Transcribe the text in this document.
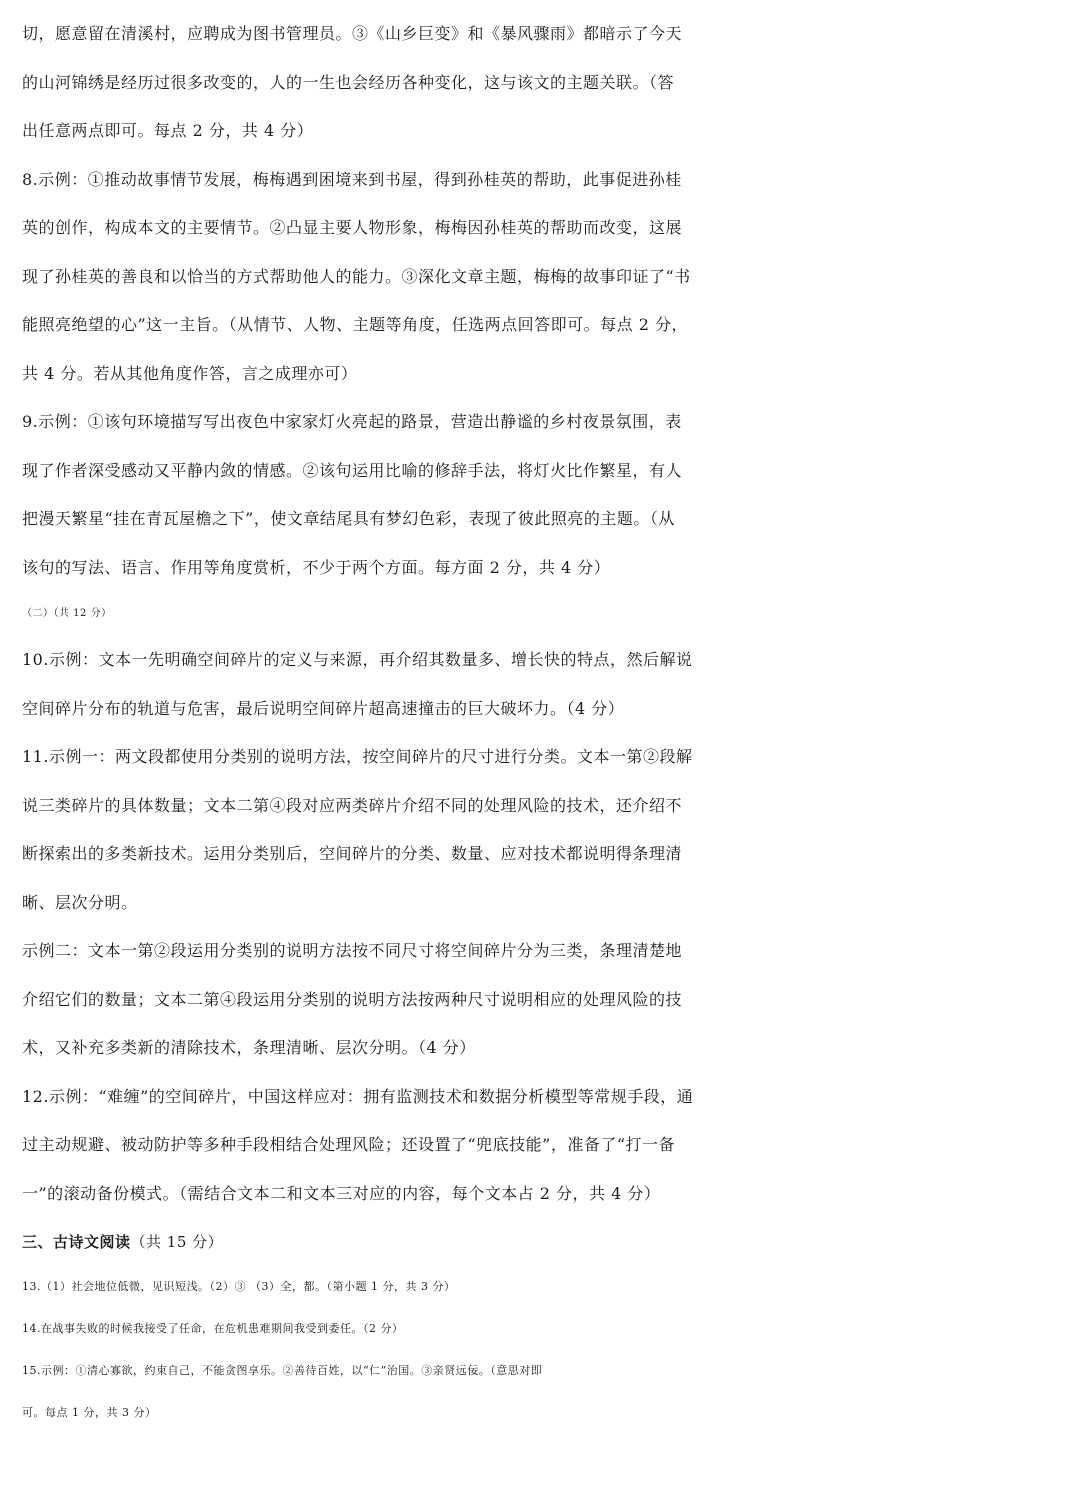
切，愿意留在清溪村，应聘成为图书管理员。③《山乡巨变》和《暴风骤雨》都暗示了今天
的山河锦绣是经历过很多改变的，人的一生也会经历各种变化，这与该文的主题关联。（答
出任意两点即可。每点 2 分，共 4 分）
8.示例：①推动故事情节发展，梅梅遇到困境来到书屋，得到孙桂英的帮助，此事促进孙桂
英的创作，构成本文的主要情节。②凸显主要人物形象，梅梅因孙桂英的帮助而改变，这展
现了孙桂英的善良和以恰当的方式帮助他人的能力。③深化文章主题，梅梅的故事印证了“书
能照亮绝望的心”这一主旨。（从情节、人物、主题等角度，任选两点回答即可。每点 2 分，
共 4 分。若从其他角度作答，言之成理亦可）
9.示例：①该句环境描写写出夜色中家家灯火亮起的路景，营造出静谧的乡村夜景氛围，表
现了作者深受感动又平静内敛的情感。②该句运用比喻的修辞手法，将灯火比作繁星，有人
把漫天繁星“挂在青瓦屋檐之下”，使文章结尾具有梦幻色彩，表现了彼此照亮的主题。（从
该句的写法、语言、作用等角度赏析，不少于两个方面。每方面 2 分，共 4 分）
（二）（共 12 分）
10.示例：文本一先明确空间碎片的定义与来源，再介绍其数量多、增长快的特点，然后解说
空间碎片分布的轨道与危害，最后说明空间碎片超高速撞击的巨大破坏力。（4 分）
11.示例一：两文段都使用分类别的说明方法，按空间碎片的尺寸进行分类。文本一第②段解
说三类碎片的具体数量；文本二第④段对应两类碎片介绍不同的处理风险的技术，还介绍不
断探索出的多类新技术。运用分类别后，空间碎片的分类、数量、应对技术都说明得条理清
晰、层次分明。
示例二：文本一第②段运用分类别的说明方法按不同尺寸将空间碎片分为三类，条理清楚地
介绍它们的数量；文本二第④段运用分类别的说明方法按两种尺寸说明相应的处理风险的技
术，又补充多类新的清除技术，条理清晰、层次分明。（4 分）
12.示例：“难缠”的空间碎片，中国这样应对：拥有监测技术和数据分析模型等常规手段，通
过主动规避、被动防护等多种手段相结合处理风险；还设置了“兜底技能”，准备了“打一备
一”的滚动备份模式。（需结合文本二和文本三对应的内容，每个文本占 2 分，共 4 分）
三、古诗文阅读（共 15 分）
13.（1）社会地位低微，见识短浅。（2）③ （3）全，都。（第小题 1 分，共 3 分）
14.在战事失败的时候我接受了任命，在危机患难期间我受到委任。（2 分）
15.示例：①清心寡欲，约束自己，不能贪图享乐。②善待百姓，以“仁”治国。③亲贤远佞。（意思对即
可。每点 1 分，共 3 分）
